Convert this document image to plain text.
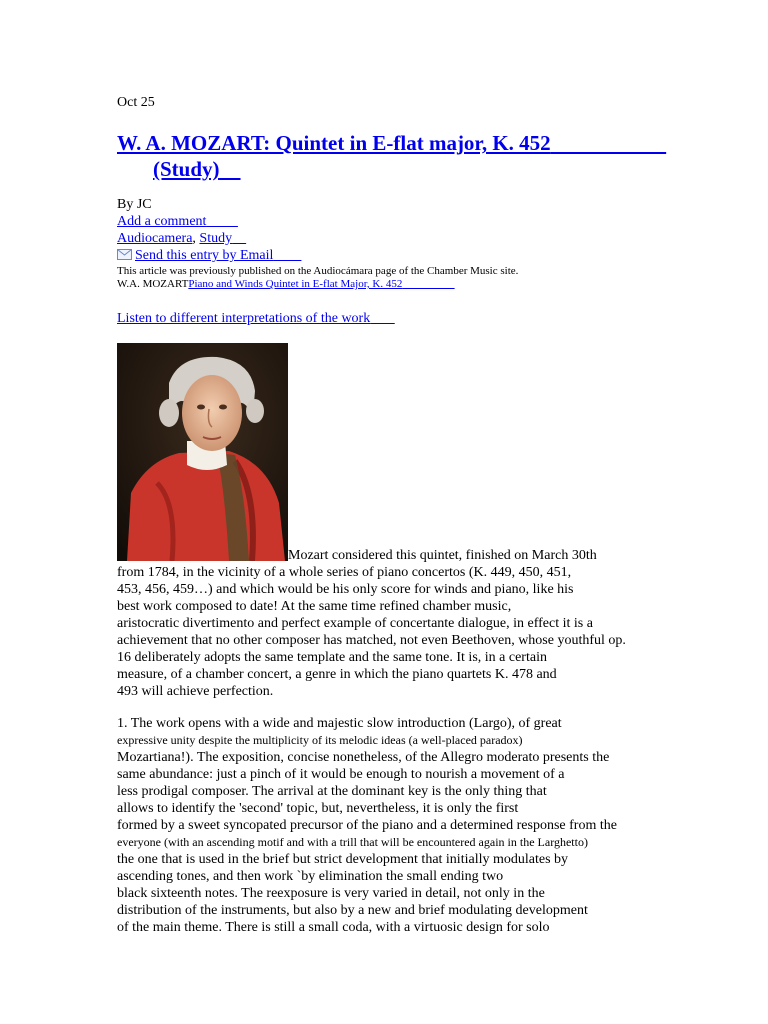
Oct 25
W. A. MOZART: Quintet in E-flat major, K. 452
(Study)
By JC
Add a comment
Audiocamera, Study
Send this entry by Email
This article was previously published on the Audiocámara page of the Chamber Music site.
W.A. MOZARTPiano and Winds Quintet in E-flat Major, K. 452
Listen to different interpretations of the work
Mozart considered this quintet, finished on March 30th
from 1784, in the vicinity of a whole series of piano concertos (K. 449, 450, 451,
453, 456, 459…) and which would be his only score for winds and piano, like his
best work composed to date! At the same time refined chamber music,
aristocratic divertimento and perfect example of concertante dialogue, in effect it is a
achievement that no other composer has matched, not even Beethoven, whose youthful op.
16 deliberately adopts the same template and the same tone. It is, in a certain
measure, of a chamber concert, a genre in which the piano quartets K. 478 and
493 will achieve perfection.
1. The work opens with a wide and majestic slow introduction (Largo), of great
expressive unity despite the multiplicity of its melodic ideas (a well-placed paradox)
Mozartiana!). The exposition, concise nonetheless, of the Allegro moderato presents the
same abundance: just a pinch of it would be enough to nourish a movement of a
less prodigal composer. The arrival at the dominant key is the only thing that
allows to identify the 'second' topic, but, nevertheless, it is only the first
formed by a sweet syncopated precursor of the piano and a determined response from the
everyone (with an ascending motif and with a trill that will be encountered again in the Larghetto)
the one that is used in the brief but strict development that initially modulates by
ascending tones, and then work `by elimination the small ending two
black sixteenth notes. The reexposure is very varied in detail, not only in the
distribution of the instruments, but also by a new and brief modulating development
of the main theme. There is still a small coda, with a virtuosic design for solo
